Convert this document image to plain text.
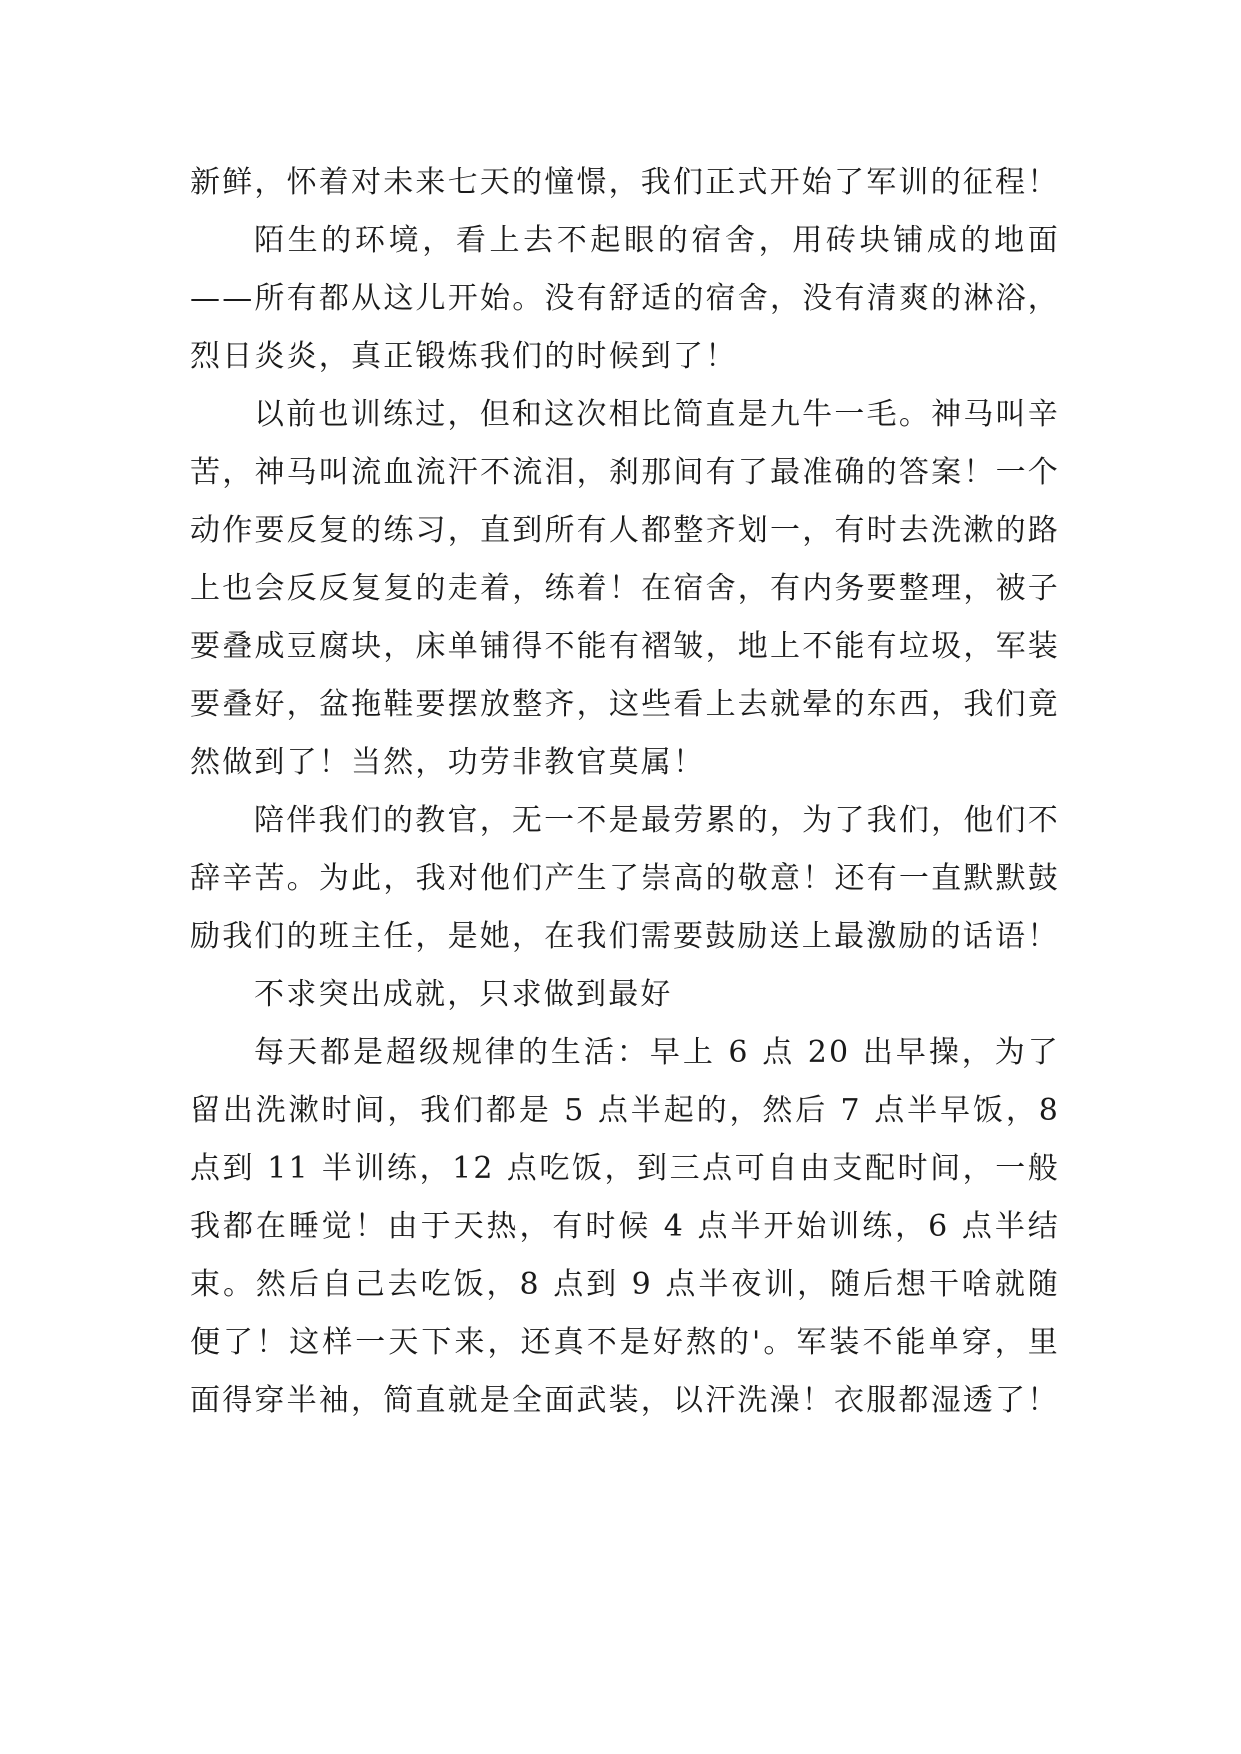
新鲜，怀着对未来七天的憧憬，我们正式开始了军训的征程！

陌生的环境，看上去不起眼的宿舍，用砖块铺成的地面——所有都从这儿开始。没有舒适的宿舍，没有清爽的淋浴，烈日炎炎，真正锻炼我们的时候到了！

以前也训练过，但和这次相比简直是九牛一毛。神马叫辛苦，神马叫流血流汗不流泪，刹那间有了最准确的答案！一个动作要反复的练习，直到所有人都整齐划一，有时去洗漱的路上也会反反复复的走着，练着！在宿舍，有内务要整理，被子要叠成豆腐块，床单铺得不能有褶皱，地上不能有垃圾，军装要叠好，盆拖鞋要摆放整齐，这些看上去就晕的东西，我们竟然做到了！当然，功劳非教官莫属！

陪伴我们的教官，无一不是最劳累的，为了我们，他们不辞辛苦。为此，我对他们产生了崇高的敬意！还有一直默默鼓励我们的班主任，是她，在我们需要鼓励送上最激励的话语！

不求突出成就，只求做到最好

每天都是超级规律的生活：早上 6 点 20 出早操，为了留出洗漱时间，我们都是 5 点半起的，然后 7 点半早饭，8 点到 11 半训练，12 点吃饭，到三点可自由支配时间，一般我都在睡觉！由于天热，有时候 4 点半开始训练，6 点半结束。然后自己去吃饭，8 点到 9 点半夜训，随后想干啥就随便了！这样一天下来，还真不是好熬的'。军装不能单穿，里面得穿半袖，简直就是全面武装，以汗洗澡！衣服都湿透了！
